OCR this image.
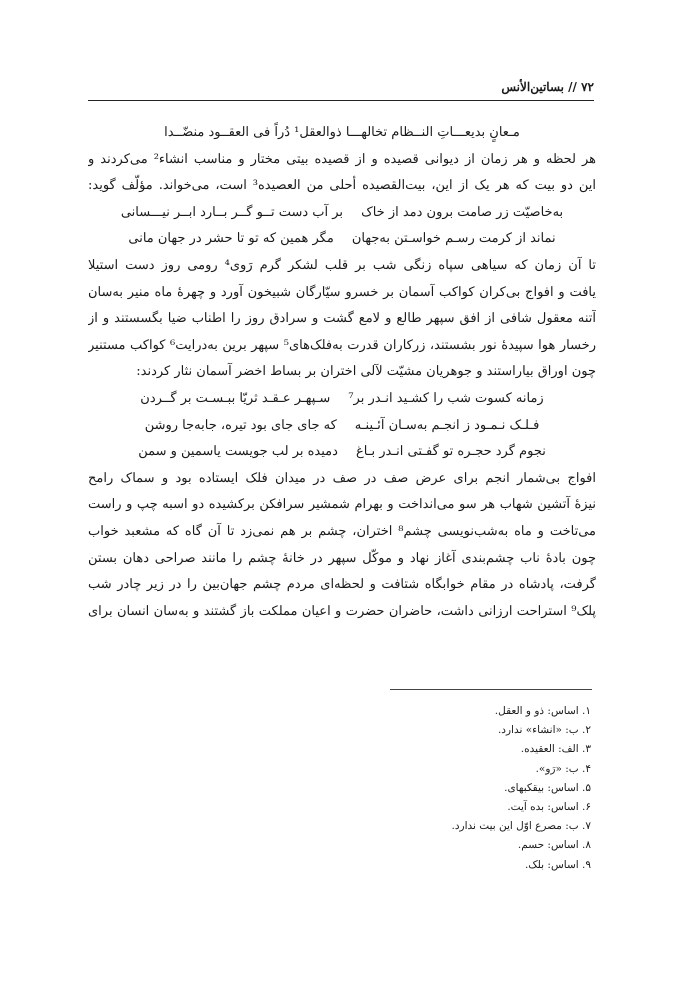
۷۲ // بساتین‌الأنس
مـعانٍ بدیعـــاتِ النــظام تخالهـــا ذوالعقل¹ دُراً فی العقــود منضّــدا
هر لحظه و هر زمان از دیوانی قصیده و از قصیده بیتی مختار و مناسب انشاء² می‌کردند و
این دو بیت که هر یک از این، بیت‌القصیده أحلی من العصیده³ است، می‌خواند. مؤلّف گوید:
به‌خاصیّت زر صامت برون دمد از خاک
بر آب دست تــو گــر بــارد ابــر نیـــسانی
نماند از کرمت رسـم خواسـتن به‌جهان
مگر همین که تو تا حشر در جهان مانی
تا آن زمان که سیاهی سپاه زنگی شب بر قلب لشکر گرم رَوی⁴ رومی روز دست استیلا
یافت و افواج بی‌کران کواکب آسمان بر خسرو سیّارگان شبیخون آورد و چهرهٔ ماه منیر به‌سان
آتنه معقول شافی از افق سپهر طالع و لامع گشت و سرادق روز را اطناب ضیا بگسستند و از
رخسار هوا سپیدهٔ نور بشستند، زرکاران قدرت به‌فلک‌های⁵ سپهر برین به‌درایت⁶ کواکب مستنیر
چون اوراق بیاراستند و جوهریان مشیّت لآلی اختران بر بساط اخضر آسمان نثار کردند:
زمانه کسوت شب را کشـید انـدر بر⁷
سـپهـر عـقـد ثریّا ببـسـت بر گــردن
فـلـک نـمـود ز انجـم به‌سـان آئـینـه
که جای جای بود تیره، جابه‌جا روشن
نجوم گرد حجـره تو گفـتی انـدر بـاغ
دمیده بر لب جویست یاسمین و سمن
افواج بی‌شمار انجم برای عرض صف در صف در میدان فلک ایستاده بود و سماک رامح
نیزهٔ آتشین شهاب هر سو می‌انداخت و بهرام شمشیر سرافکن برکشیده دو اسبه چپ و راست
می‌تاخت و ماه به‌شب‌نویسی چشم⁸ اختران، چشم بر هم نمی‌زد تا آن گاه که مشعبد خواب
چون بادهٔ ناب چشم‌بندی آغاز نهاد و موکّل سپهر در خانهٔ چشم را مانند صراحی دهان بستن
گرفت، پادشاه در مقام خوابگاه شتافت و لحظه‌ای مردم چشم جهان‌بین را در زیر چادر شب
پلک⁹ استراحت ارزانی داشت، حاضران حضرت و اعیان مملکت باز گشتند و به‌سان انسان برای
۱. اساس: ذو و العقل.
۲. ب: «انشاء» ندارد.
۳. الف: العقیده.
۴. ب: «رَو».
۵. اساس: بیقکبهای.
۶. اساس: بده آیت.
۷. ب: مصرع اوّل این بیت ندارد.
۸. اساس: حسم.
۹. اساس: بلک.
